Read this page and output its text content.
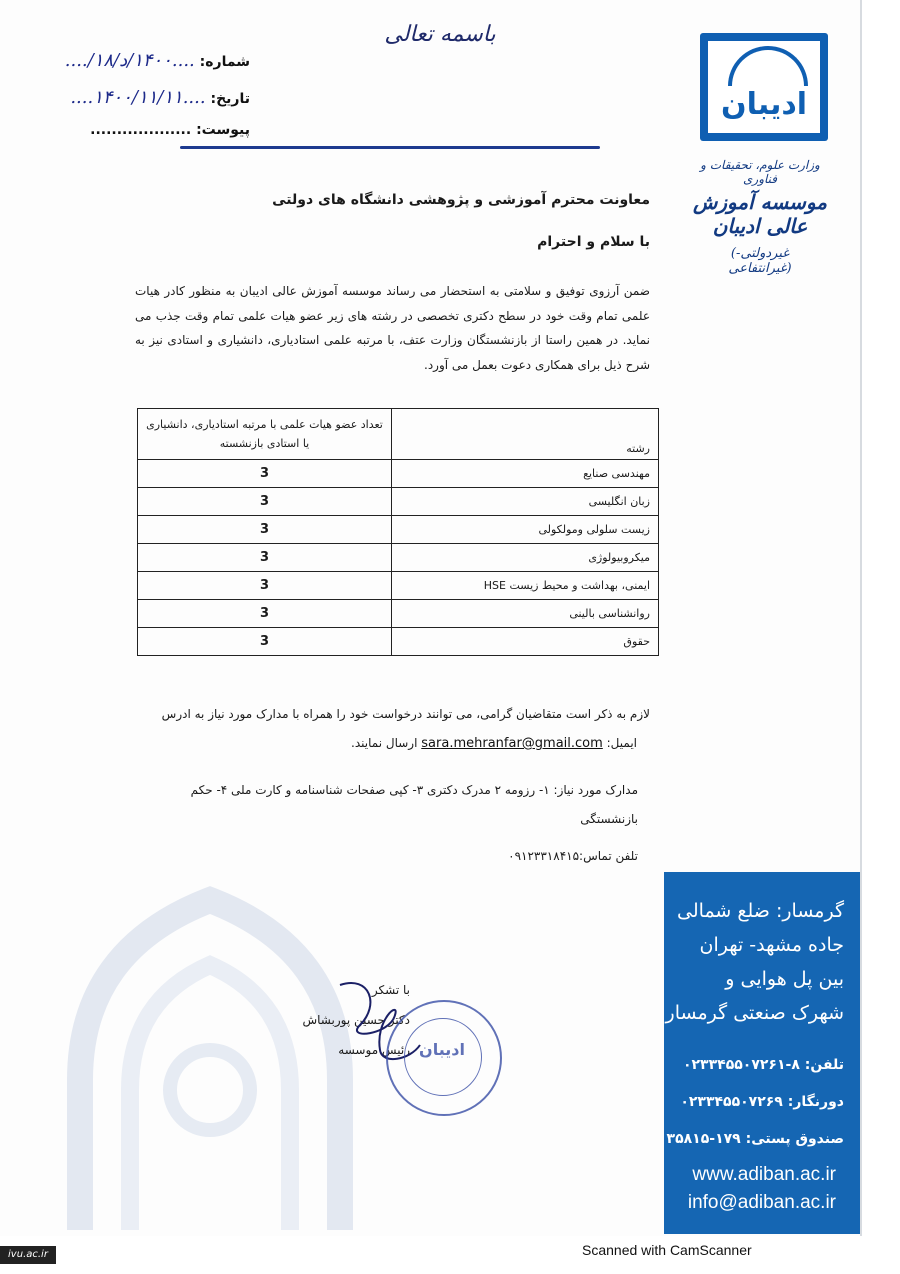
باسمه تعالی
شماره: ....۱۴۰۰/د/۱۸/....
تاریخ: ....۱۴۰۰/۱۱/۱۱....
پیوست: ...................
ادیبان
وزارت علوم، تحقیقات و فناوری
موسسه آموزش عالی ادیبان
(غیردولتی-غیرانتفاعی)
معاونت محترم آموزشی و پژوهشی دانشگاه های دولتی
با سلام و احترام
ضمن آرزوی توفیق و سلامتی به استحضار می رساند موسسه آموزش عالی ادیبان به منظور کادر هیات علمی تمام وقت خود در سطح دکتری تخصصی در رشته های زیر عضو هیات علمی تمام وقت جذب می نماید. در همین راستا از بازنشستگان وزارت عتف، با مرتبه علمی استادیاری، دانشیاری و استادی نیز به شرح ذیل برای همکاری دعوت بعمل می آورد.
رشته	تعداد عضو هیات علمی با مرتبه استادیاری، دانشیاری یا استادی بازنشسته
مهندسی صنایع	3
زبان انگلیسی	3
زیست سلولی ومولکولی	3
میکروبیولوژی	3
ایمنی، بهداشت و محیط زیست HSE	3
روانشناسی بالینی	3
حقوق	3
لازم به ذکر است متقاضیان گرامی، می توانند درخواست خود را همراه با مدارک مورد نیاز به ادرس
ایمیل: sara.mehranfar@gmail.com ارسال نمایند.
مدارک مورد نیاز: ۱- رزومه ۲ مدرک دکتری ۳- کپی صفحات شناسنامه و کارت ملی ۴- حکم بازنشستگی
تلفن تماس:۰۹۱۲۳۳۱۸۴۱۵
با تشکر
دکتر حسین پوربشاش
رئیس موسسه ادیبان
گرمسار: ضلع شمالی
جاده مشهد- تهران
بین پل هوایی و
شهرک صنعتی گرمسار
تلفن: ۸-۰۲۳۳۴۵۵۰۷۲۶۱
دورنگار: ۰۲۳۳۴۵۵۰۷۲۶۹
صندوق پستی: ۱۷۹-۳۵۸۱۵
www.adiban.ac.ir
info@adiban.ac.ir
ivu.ac.ir	Scanned with CamScanner
